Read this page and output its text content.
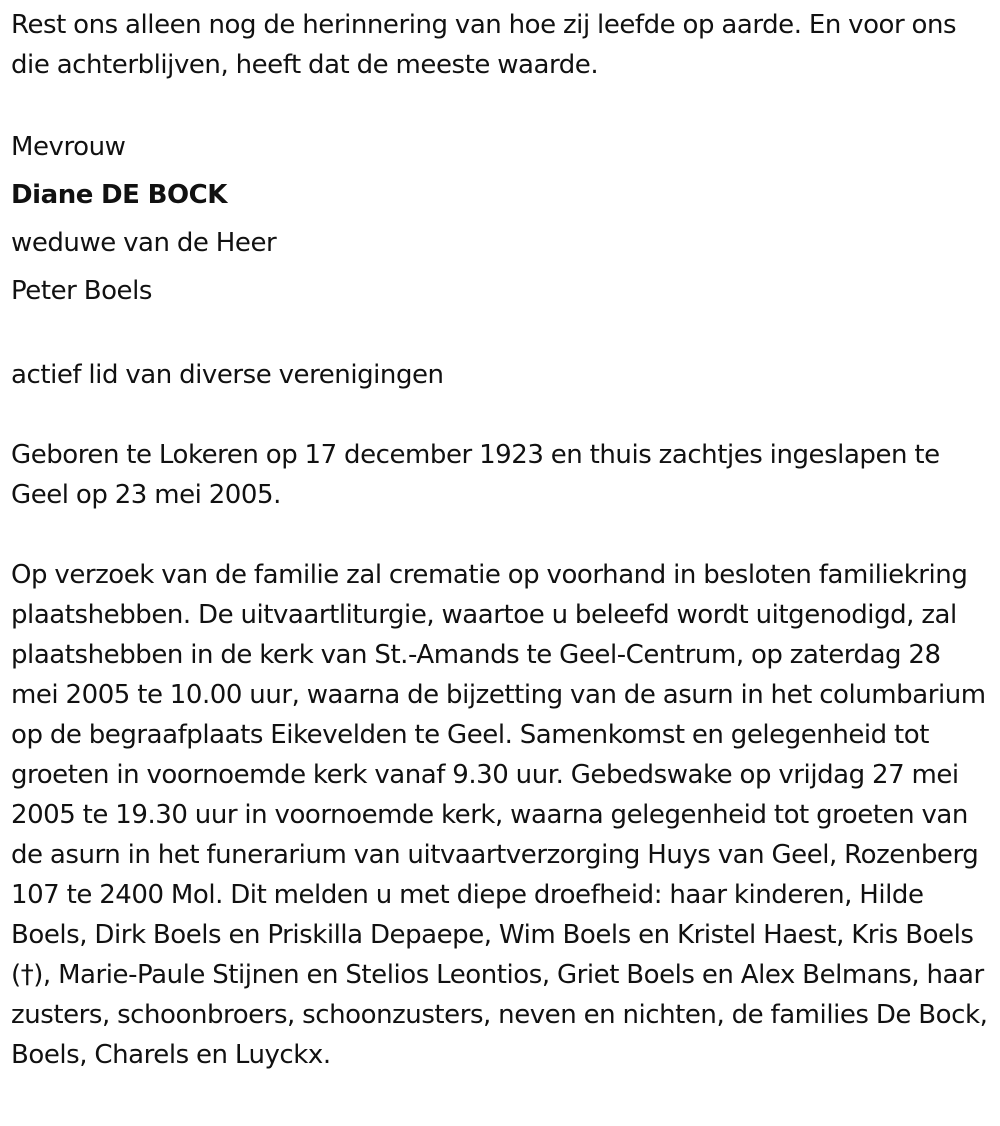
Rest ons alleen nog de herinnering van hoe zij leefde op aarde. En voor ons die achterblijven, heeft dat de meeste waarde.

Mevrouw

Diane DE BOCK

weduwe van de Heer

Peter Boels

actief lid van diverse verenigingen

Geboren te Lokeren op 17 december 1923 en thuis zachtjes ingeslapen te Geel op 23 mei 2005.

Op verzoek van de familie zal crematie op voorhand in besloten familiekring plaatshebben. De uitvaartliturgie, waartoe u beleefd wordt uitgenodigd, zal plaatshebben in de kerk van St.-Amands te Geel-Centrum, op zaterdag 28 mei 2005 te 10.00 uur, waarna de bijzetting van de asurn in het columbarium op de begraafplaats Eikevelden te Geel. Samenkomst en gelegenheid tot groeten in voornoemde kerk vanaf 9.30 uur. Gebedswake op vrijdag 27 mei 2005 te 19.30 uur in voornoemde kerk, waarna gelegenheid tot groeten van de asurn in het funerarium van uitvaartverzorging Huys van Geel, Rozenberg 107 te 2400 Mol. Dit melden u met diepe droefheid: haar kinderen, Hilde Boels, Dirk Boels en Priskilla Depaepe, Wim Boels en Kristel Haest, Kris Boels (†), Marie-Paule Stijnen en Stelios Leontios, Griet Boels en Alex Belmans, haar zusters, schoonbroers, schoonzusters, neven en nichten, de families De Bock, Boels, Charels en Luyckx.
